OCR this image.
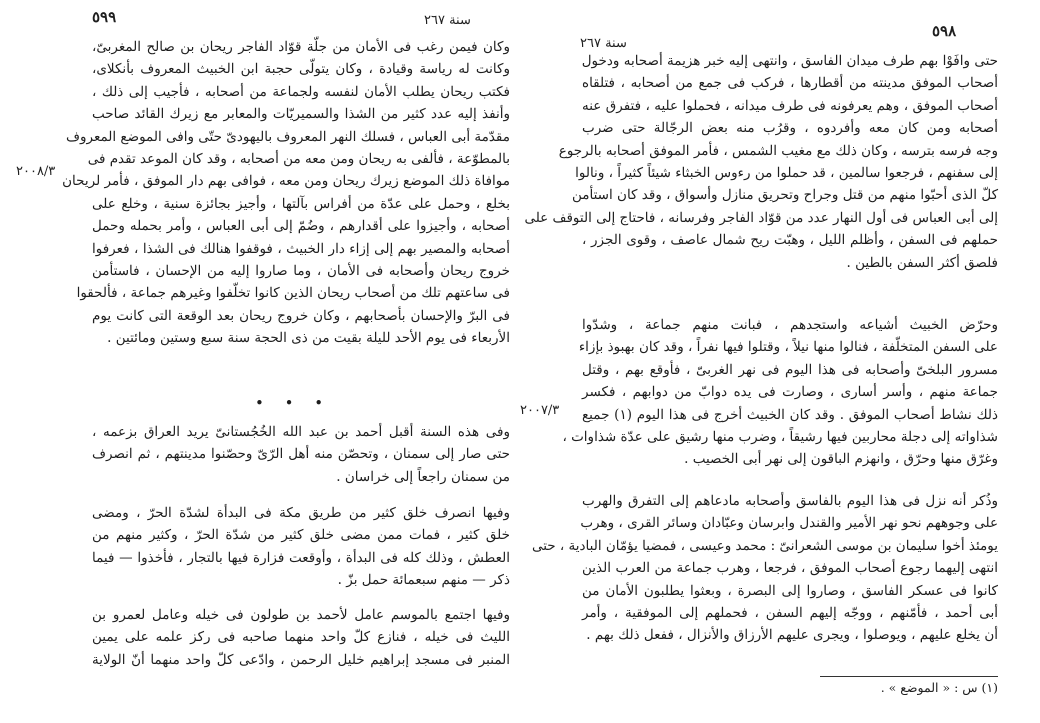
٥٩٩	سنة ٢٦٧
٢٠٠٨/٣
وكان فيمن رغب فى الأمان من جلّة قوّاد الفاجر ريحان بن صالح المغربىّ،
وكانت له رياسة وقيادة ، وكان يتولّى حجبة ابن الخبيث المعروف بأنكلاى،
فكتب ريحان يطلب الأمان لنفسه ولجماعة من أصحابه ، فأجيب إلى ذلك ،
وأنفذ إليه عدد كثير من الشذا والسميريّات والمعابر مع زيرك القائد صاحب
مقدّمة أبى العباس ، فسلك النهر المعروف باليهودىّ حتّى وافى الموضع المعروف
بالمطوّعة ، فألفى به ريحان ومن معه من أصحابه ، وقد كان الموعد تقدم فى
موافاة ذلك الموضع زيرك ريحان ومن معه ، فوافى بهم دار الموفق ، فأمر لريحان
بخلع ، وحمل على عدّة من أفراس بآلتها ، وأجيز بجائزة سنية ، وخلع على
أصحابه ، وأجيزوا على أقدارهم ، وضُمّ إلى أبى العباس ، وأمر بحمله وحمل
أصحابه والمصير بهم إلى إزاء دار الخبيث ، فوقفوا هنالك فى الشذا ، فعرفوا
خروج ريحان وأصحابه فى الأمان ، وما صاروا إليه من الإحسان ، فاستأمن
فى ساعتهم تلك من أصحاب ريحان الذين كانوا تخلّفوا وغيرهم جماعة ، فألحقوا
فى البرّ والإحسان بأصحابهم ، وكان خروج ريحان بعد الوقعة التى كانت يوم
الأربعاء فى يوم الأحد لليلة بقيت من ذى الحجة سنة سبع وستين ومائتين .
• • •
وفى هذه السنة أقبل أحمد بن عبد الله الخُجُستانىّ يريد العراق بزعمه ،
حتى صار إلى سمنان ، وتحصّن منه أهل الرّىّ وحصّنوا مدينتهم ، ثم انصرف
من سمنان راجعاً إلى خراسان .
وفيها انصرف خلق كثير من طريق مكة فى البدأة لشدّة الحرّ ، ومضى
خلق كثير ، فمات ممن مضى خلق كثير من شدّة الحرّ ، وكثير منهم من
العطش ، وذلك كله فى البدأة ، وأوقعت فزارة فيها بالتجار ، فأخذوا — فيما
ذكر — منهم سبعمائة حمل بزّ .
وفيها اجتمع بالموسم عامل لأحمد بن طولون فى خيله وعامل لعمرو بن
الليث فى خيله ، فنازع كلّ واحد منهما صاحبه فى ركز علمه على يمين
المنبر فى مسجد إبراهيم خليل الرحمن ، وادّعى كلّ واحد منهما أنّ الولاية
٥٩٨
سنة ٢٦٧
٢٠٠٧/٣
حتى وافَوْا بهم طرف ميدان الفاسق ، وانتهى إليه خبر هزيمة أصحابه ودخول
أصحاب الموفق مدينته من أقطارها ، فركب فى جمع من أصحابه ، فتلقاه
أصحاب الموفق ، وهم يعرفونه فى طرف ميدانه ، فحملوا عليه ، فتفرق عنه
أصحابه ومن كان معه وأفردوه ، وقرُب منه بعض الرجّالة حتى ضرب
وجه فرسه بترسه ، وكان ذلك مع مغيب الشمس ، فأمر الموفق أصحابه بالرجوع
إلى سفنهم ، فرجعوا سالمين ، قد حملوا من رءوس الخبثاء شيئاً كثيراً ، ونالوا
كلّ الذى أحبّوا منهم من قتل وجراح وتحريق منازل وأسواق ، وقد كان استأمن
إلى أبى العباس فى أول النهار عدد من قوّاد الفاجر وفرسانه ، فاحتاج إلى التوقف على
حملهم فى السفن ، وأظلم الليل ، وهبّت ريح شمال عاصف ، وقوى الجزر ،
فلصق أكثر السفن بالطين .
وحرّض الخبيث أشياعه واستجدهم ، فبانت منهم جماعة ، وشدّوا
على السفن المتخلّفة ، فنالوا منها نيلاً ، وقتلوا فيها نفراً ، وقد كان بهبوذ بإزاء
مسرور البلخىّ وأصحابه فى هذا اليوم فى نهر الغربىّ ، فأوقع بهم ، وقتل
جماعة منهم ، وأسر أسارى ، وصارت فى يده دوابّ من دوابهم ، فكسر
ذلك نشاط أصحاب الموفق . وقد كان الخبيث أخرج فى هذا اليوم (١) جميع
شذاواته إلى دجلة محاربين فيها رشيقاً ، وضرب منها رشيق على عدّة شذاوات ،
وغرّق منها وحرّق ، وانهزم الباقون إلى نهر أبى الخصيب .
وذُكر أنه نزل فى هذا اليوم بالفاسق وأصحابه مادعاهم إلى التفرق والهرب
على وجوههم نحو نهر الأمير والقندل وابرسان وعبّادان وسائر القرى ، وهرب
يومئذ أخوا سليمان بن موسى الشعرانىّ : محمد وعيسى ، فمضيا يؤمّان البادية ، حتى
انتهى إليهما رجوع أصحاب الموفق ، فرجعا ، وهرب جماعة من العرب الذين
كانوا فى عسكر الفاسق ، وصاروا إلى البصرة ، وبعثوا يطلبون الأمان من
أبى أحمد ، فأمّنهم ، ووجّه إليهم السفن ، فحملهم إلى الموفقية ، وأمر
أن يخلع عليهم ، ويوصلوا ، ويجرى عليهم الأرزاق والأنزال ، ففعل ذلك بهم .
(١) س : « الموضع » .
